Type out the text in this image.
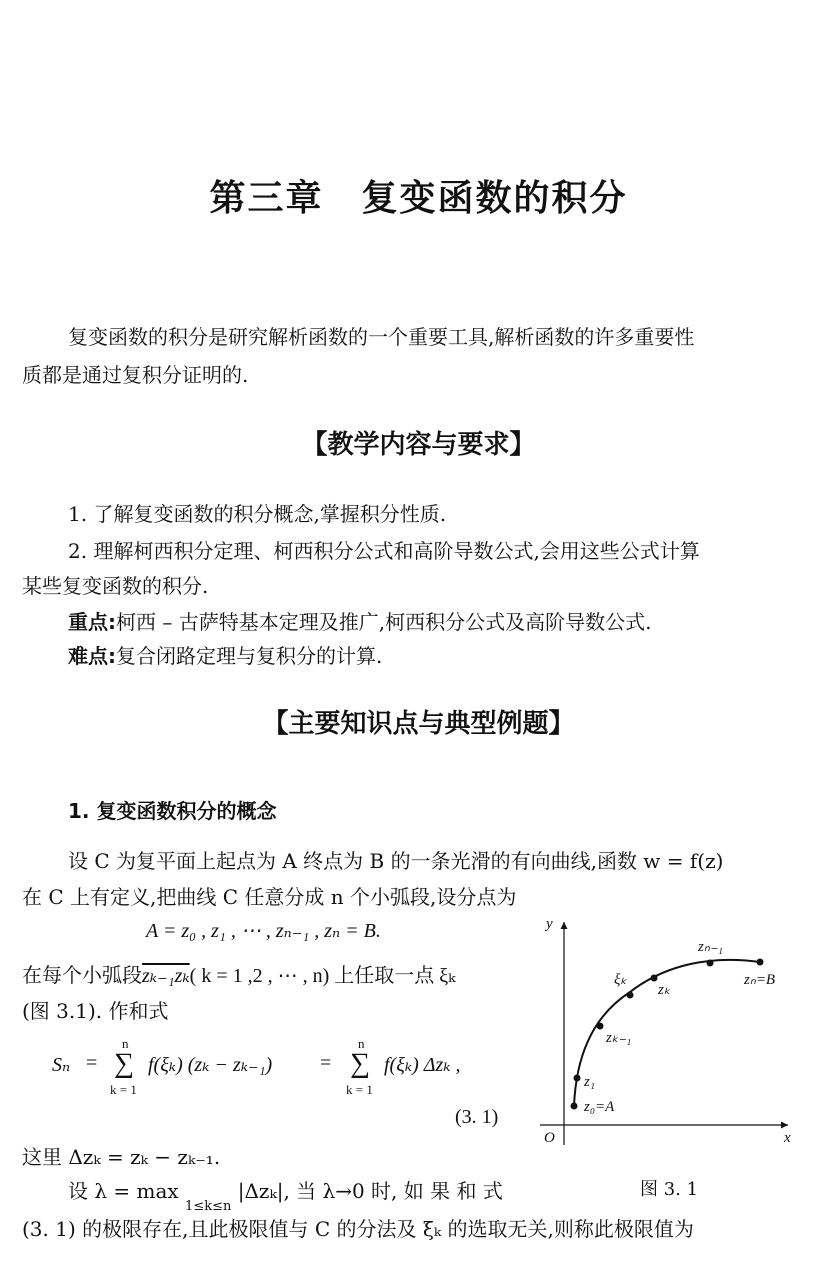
第三章　复变函数的积分
复变函数的积分是研究解析函数的一个重要工具,解析函数的许多重要性
质都是通过复积分证明的.
【教学内容与要求】
1. 了解复变函数的积分概念,掌握积分性质.
2. 理解柯西积分定理、柯西积分公式和高阶导数公式,会用这些公式计算
某些复变函数的积分.
重点:柯西 – 古萨特基本定理及推广,柯西积分公式及高阶导数公式.
难点:复合闭路定理与复积分的计算.
【主要知识点与典型例题】
1. 复变函数积分的概念
设 C 为复平面上起点为 A 终点为 B 的一条光滑的有向曲线,函数 w = f(z)
在 C 上有定义,把曲线 C 任意分成 n 个小弧段,设分点为
A = z₀ , z₁ , ⋯ , zₙ₋₁ , zₙ = B.
在每个小弧段zₖ₋₁zₖ( k = 1 ,2 , ⋯ , n) 上任取一点 ξₖ
(图 3.1). 作和式
Sₙ =
n
∑
k = 1
f(ξₖ) (zₖ − zₖ₋₁) =
n
∑
k = 1
f(ξₖ) Δzₖ ,
(3. 1)
这里 Δzₖ = zₖ − zₖ₋₁.
设 λ = max $_{1\le k\le n}$ |Δzₖ|, 当 λ→0 时, 如 果 和 式
(3. 1) 的极限存在,且此极限值与 C 的分法及 ξₖ 的选取无关,则称此极限值为
y
x
O
z₀=A
z₁
zₖ₋₁
ξₖ
zₖ
zₙ₋₁
zₙ=B
图 3. 1
